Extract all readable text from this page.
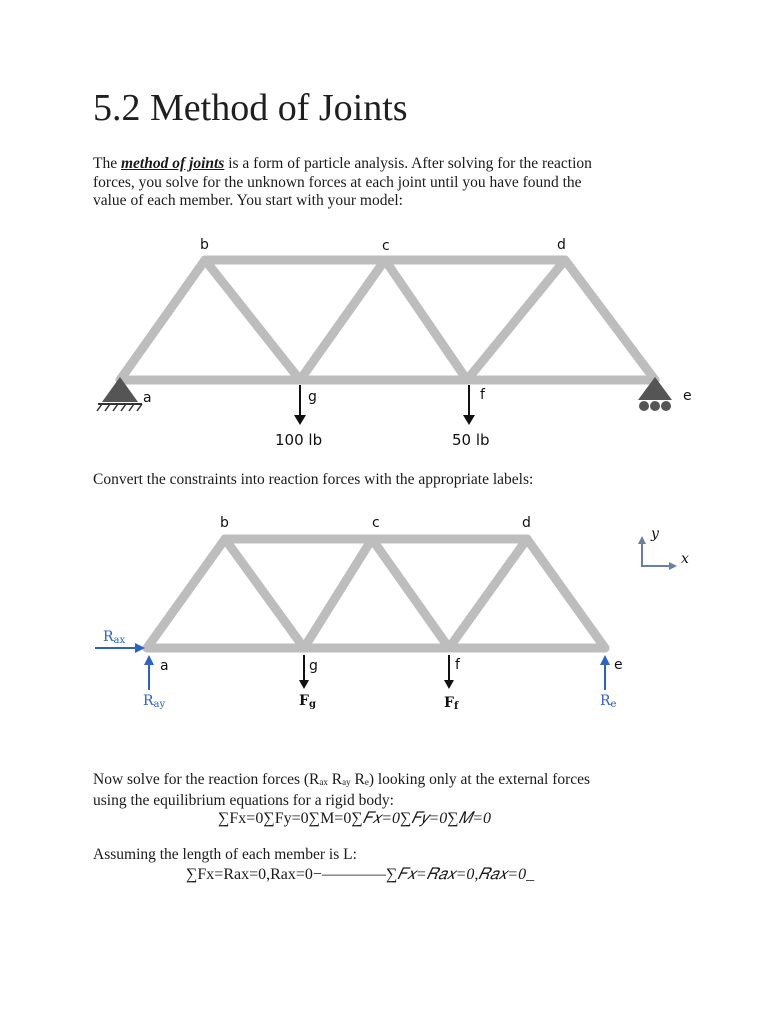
5.2 Method of Joints

The method of joints is a form of particle analysis. After solving for the reaction
forces, you solve for the unknown forces at each joint until you have found the
value of each member. You start with your model:

b	c	d
a	g	f	e
100 lb	50 lb

Convert the constraints into reaction forces with the appropriate labels:

y
x
b	c	d
a	g	f	e
Rax
Ray	Re
Fg	Ff

Now solve for the reaction forces ($R_{ax}$ $R_{ay}$ $R_e$) looking only at the external forces
using the equilibrium equations for a rigid body:

∑Fx=0∑Fy=0∑M=0∑𝐹𝑥=0∑𝐹𝑦=0∑𝑀=0

Assuming the length of each member is L:

∑Fx=Rax=0,Rax=0−––––––––∑𝐹𝑥=𝑅𝑎𝑥=0,𝑅𝑎𝑥=0_
